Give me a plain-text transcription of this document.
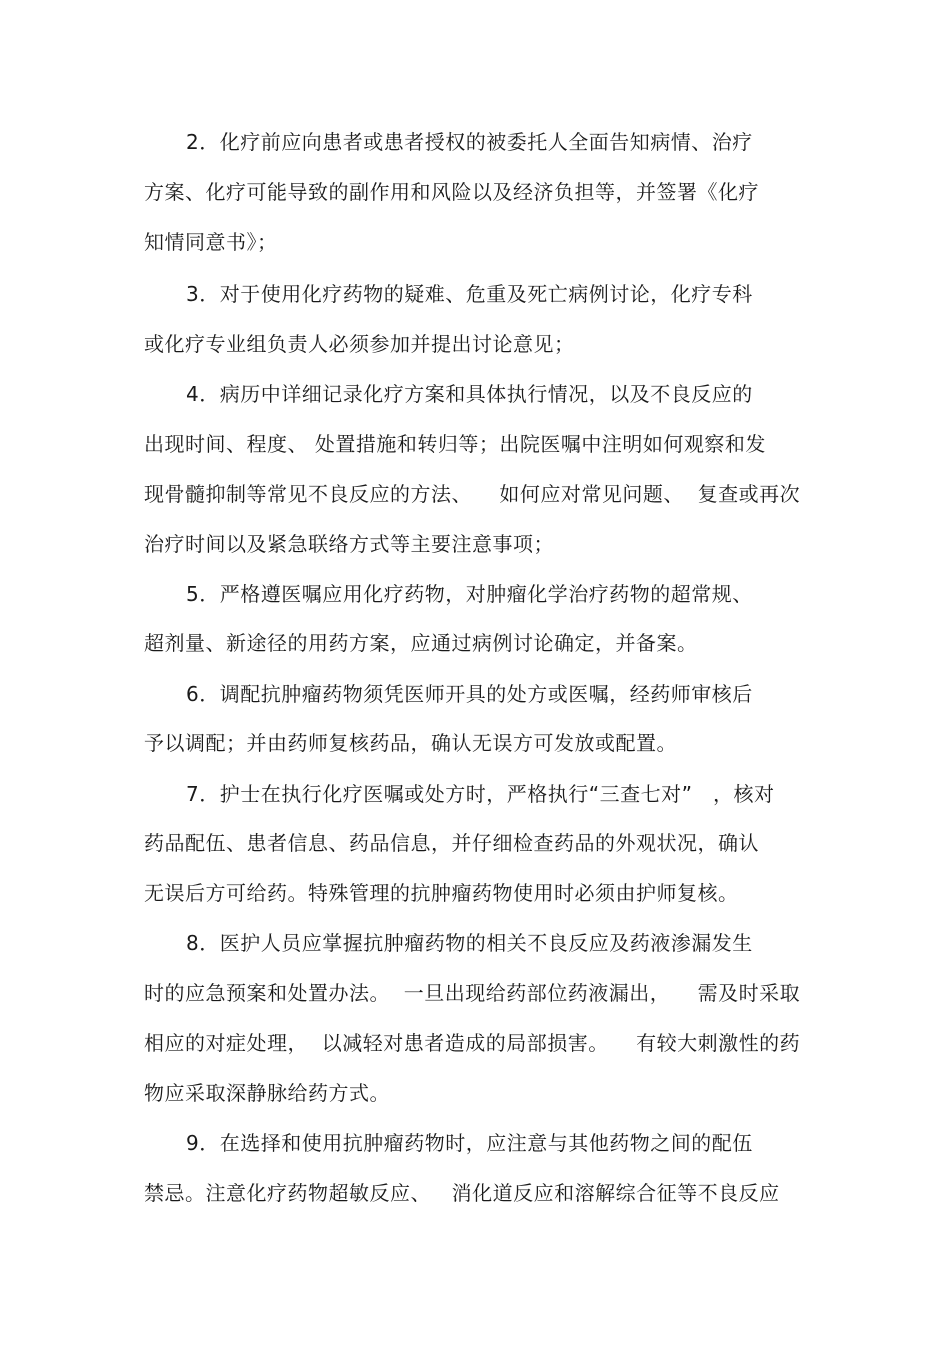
2．化疗前应向患者或患者授权的被委托人全面告知病情、治疗

方案、化疗可能导致的副作用和风险以及经济负担等，并签署《化疗

知情同意书》；

3．对于使用化疗药物的疑难、危重及死亡病例讨论，化疗专科

或化疗专业组负责人必须参加并提出讨论意见；

4．病历中详细记录化疗方案和具体执行情况，以及不良反应的

出现时间、程度、 处置措施和转归等；出院医嘱中注明如何观察和发

现骨髓抑制等常见不良反应的方法、    如何应对常见问题、  复查或再次

治疗时间以及紧急联络方式等主要注意事项；

5．严格遵医嘱应用化疗药物，对肿瘤化学治疗药物的超常规、

超剂量、新途径的用药方案，应通过病例讨论确定，并备案。

6．调配抗肿瘤药物须凭医师开具的处方或医嘱，经药师审核后

予以调配；并由药师复核药品，确认无误方可发放或配置。

7．护士在执行化疗医嘱或处方时，严格执行“三查七对”   ，核对

药品配伍、患者信息、药品信息，并仔细检查药品的外观状况，确认

无误后方可给药。特殊管理的抗肿瘤药物使用时必须由护师复核。

8．医护人员应掌握抗肿瘤药物的相关不良反应及药液渗漏发生

时的应急预案和处置办法。  一旦出现给药部位药液漏出，    需及时采取

相应的对症处理，  以减轻对患者造成的局部损害。    有较大刺激性的药

物应采取深静脉给药方式。

9．在选择和使用抗肿瘤药物时，应注意与其他药物之间的配伍

禁忌。注意化疗药物超敏反应、   消化道反应和溶解综合征等不良反应
